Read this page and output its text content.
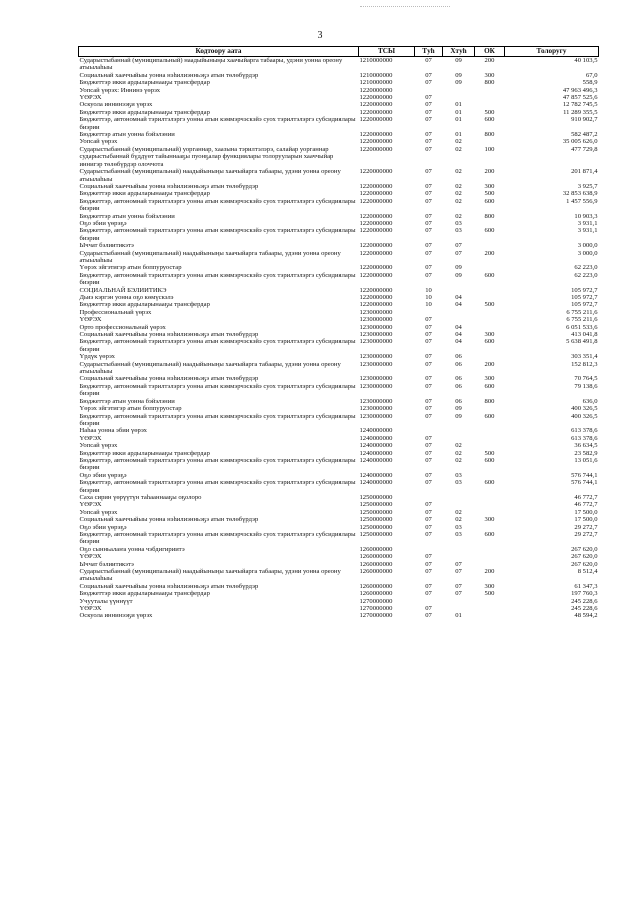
3
Кодтоору аата	ТСЫ	Тyh	Хтyh	ОК	Толоругу
Сударыстыбаннай (муниципальный) наадыйыныңы хаачыйарга табаары, удэни уонна ореону атыылаһыы	1210000000	07	09	200	40 103,5
Социальнай хааччыйыы уонна нэһилиэнньэҕэ атын төлөбүрдэр	1210000000	07	09	300	67,0
Бюджеттэр икки ардыларынааҕы трансфердар	1210000000	07	09	800	558,9
Уопсай үөрэх: Иннинэ үөрэх	1220000000				47 963 496,3
ҮӨРЭХ	1220000000	07			47 857 525,6
Оскуола иннинээҕи үөрэх	1220000000	07	01		12 782 745,5
Бюджеттэр икки ардыларынааҕы трансфердар	1220000000	07	01	500	11 289 355,5
Бюджеттэр, автономнай тэрилтэлэргэ уонна атын кэммэрчэскэйэ суох тэрилтэлэргэ субсидиялары биэрии	1220000000	07	01	600	910 902,7
Бюджеттэр атын уонна бэйэлэнии	1220000000	07	01	800	582 487,2
Уопсай үөрэх	1220000000	07	02		35 005 626,0
Сударыстыбаннай (муниципальнай) уорганнар, хаазына тэрилтэлэрэ, салайар уорганнар сударыстыбаннай бүддүөт тайыннааҕы пуонҕалар функциялары толорууларын хааччыйар иннигэр төлөбүрдэр олоччота	1220000000	07	02	100	477 729,8
Сударыстыбаннай (муниципальнай) наадыйыныңы хаачыйарга табаары, удэни уонна ореону атыылаһыы	1220000000	07	02	200	201 871,4
Социальнай хааччыйыы уонна нэһилиэнньэҕэ атын төлөбүрдэр	1220000000	07	02	300	3 925,7
Бюджеттэр икки ардыларынааҕы трансфердар	1220000000	07	02	500	32 853 638,9
Бюджеттэр, автономнай тэрилтэлэргэ уонна атын кэммэрчэскэйэ суох тэрилтэлэргэ субсидиялары биэрии	1220000000	07	02	600	1 457 556,9
Бюджеттэр атын уонна бэйэлэнии	1220000000	07	02	800	10 903,3
Оҕо эбии үөрэҕэ	1220000000	07	03		3 931,1
Бюджеттэр, автономнай тэрилтэлэргэ уонна атын кэммэрчэскэйэ суох тэрилтэлэргэ субсидиялары биэрии	1220000000	07	03	600	3 931,1
Ыччат бэлиитикэтэ	1220000000	07	07		3 000,0
Сударыстыбаннай (муниципальнай) наадыйыныңы хаачыйарга табаары, удэни уонна ореону атыылаһыы	1220000000	07	07	200	3 000,0
Үөрэх эйгэтигэр атын боппуруостар	1220000000	07	09		62 223,0
Бюджеттэр, автономнай тэрилтэлэргэ уонна атын кэммэрчэскэйэ суох тэрилтэлэргэ субсидиялары биэрии	1220000000	07	09	600	62 223,0
СОЦИАЛЬНАЙ БЭЛИИТИКЭ	1220000000	10			105 972,7
Дьиэ кэргэн уонна оҕо көмүскэлэ	1220000000	10	04		105 972,7
Бюджеттэр икки ардыларынааҕы трансфердар	1220000000	10	04	500	105 972,7
Профессиональнай үөрэх	1230000000				6 755 211,6
ҮӨРЭХ	1230000000	07			6 755 211,6
Орто профессиональнай үөрэх	1230000000	07	04		6 051 533,6
Социальнай хааччыйыы уонна нэһилиэнньэҕэ атын төлөбүрдэр	1230000000	07	04	300	413 041,8
Бюджеттэр, автономнай тэрилтэлэргэ уонна атын кэммэрчэскэйэ суох тэрилтэлэргэ субсидиялары биэрии	1230000000	07	04	600	5 638 491,8
Үрдүк үөрэх	1230000000	07	06		303 351,4
Сударыстыбаннай (муниципальнай) наадыйыныңы хаачыйарга табаары, удэни уонна ореону атыылаһыы	1230000000	07	06	200	152 812,3
Социальнай хааччыйыы уонна нэһилиэнньэҕэ атын төлөбүрдэр	1230000000	07	06	300	70 764,5
Бюджеттэр, автономнай тэрилтэлэргэ уонна атын кэммэрчэскэйэ суох тэрилтэлэргэ субсидиялары биэрии	1230000000	07	06	600	79 138,6
Бюджеттэр атын уонна бэйэлэнии	1230000000	07	06	800	636,0
Үөрэх эйгэтигэр атын боппуруостар	1230000000	07	09		400 326,5
Бюджеттэр, автономнай тэрилтэлэргэ уонна атын кэммэрчэскэйэ суох тэрилтэлэргэ субсидиялары биэрии	1230000000	07	09	600	400 326,5
Наһаа уонна эбии үөрэх	1240000000				613 378,6
ҮӨРЭХ	1240000000	07			613 378,6
Уопсай үөрэх	1240000000	07	02		36 634,5
Бюджеттэр икки ардыларынааҕы трансфердар	1240000000	07	02	500	23 582,9
Бюджеттэр, автономнай тэрилтэлэргэ уонна атын кэммэрчэскэйэ суох тэрилтэлэргэ субсидиялары биэрии	1240000000	07	02	600	13 051,6
Оҕо эбии үөрэҕэ	1240000000	07	03		576 744,1
Бюджеттэр, автономнай тэрилтэлэргэ уонна атын кэммэрчэскэйэ суох тэрилтэлэргэ субсидиялары биэрии	1240000000	07	03	600	576 744,1
Саха сирин үөрүүтүн таһааннааҕы оҕолоро	1250000000				46 772,7
ҮӨРЭХ	1250000000	07			46 772,7
Уопсай үөрэх	1250000000	07	02		17 500,0
Социальнай хааччыйыы уонна нэһилиэнньэҕэ атын төлөбүрдэр	1250000000	07	02	300	17 500,0
Оҕо эбии үөрэҕэ	1250000000	07	03		29 272,7
Бюджеттэр, автономнай тэрилтэлэргэ уонна атын кэммэрчэскэйэ суох тэрилтэлэргэ субсидиялары биэрии	1250000000	07	03	600	29 272,7
Оҕо сынньалаҥа уонна чэбдигириитэ	1260000000				267 620,0
ҮӨРЭХ	1260000000	07			267 620,0
Ыччат бэлиитикэтэ	1260000000	07	07		267 620,0
Сударыстыбаннай (муниципальнай) наадыйыныңы хаачыйарга табаары, удэни уонна ореону атыылаһыы	1260000000	07	07	200	8 512,4
Социальнай хааччыйыы уонна нэһилиэнньэҕэ атын төлөбүрдэр	1260000000	07	07	300	61 347,3
Бюджеттэр икки ардыларынааҕы трансфердар	1260000000	07	07	500	197 760,3
Учууталы үүннүүт	1270000000				245 228,6
ҮӨРЭХ	1270000000	07			245 228,6
Оскуола иннинээҕи үөрэх	1270000000	07	01		48 594,2
